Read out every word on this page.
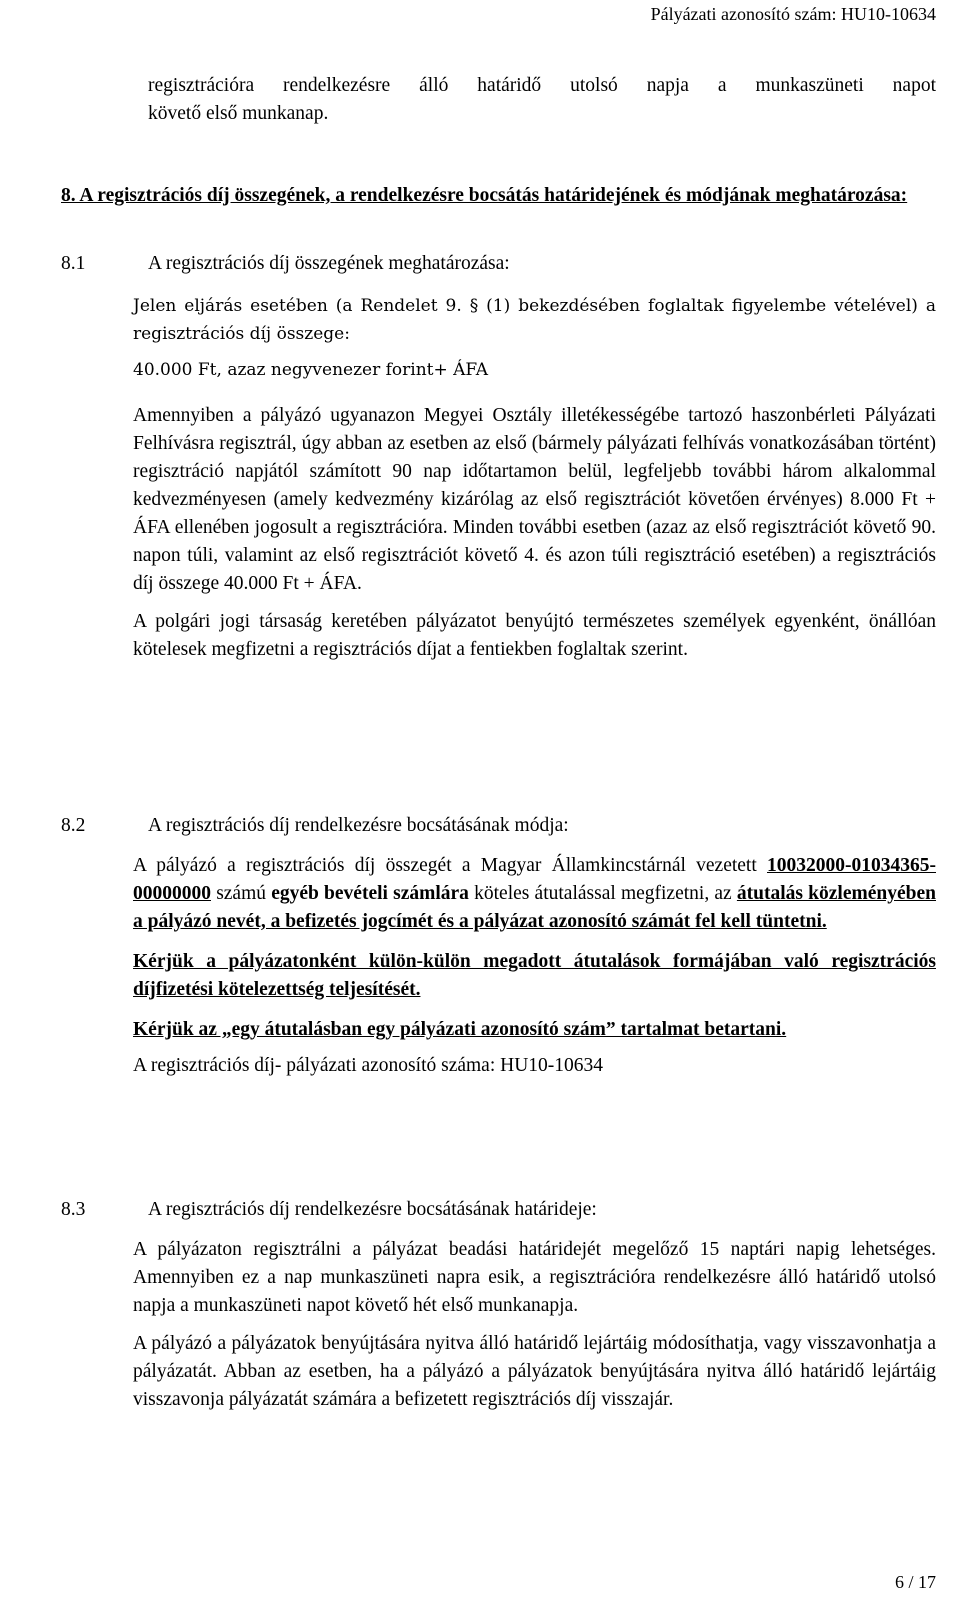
Pályázati azonosító szám: HU10-10634

regisztrációra rendelkezésre álló határidő utolsó napja a munkaszüneti napot

követő első munkanap.

8. A regisztrációs díj összegének, a rendelkezésre bocsátás határidejének és módjának meghatározása:
8.1	A regisztrációs díj összegének meghatározása:

Jelen eljárás esetében (a Rendelet 9. § (1) bekezdésében foglaltak figyelembe vételével) a regisztrációs díj összege:

40.000 Ft, azaz negyvenezer forint+ ÁFA

Amennyiben a pályázó ugyanazon Megyei Osztály illetékességébe tartozó haszonbérleti Pályázati Felhívásra regisztrál, úgy abban az esetben az első (bármely pályázati felhívás vonatkozásában történt) regisztráció napjától számított 90 nap időtartamon belül, legfeljebb további három alkalommal kedvezményesen (amely kedvezmény kizárólag az első regisztrációt követően érvényes) 8.000 Ft + ÁFA ellenében jogosult a regisztrációra. Minden további esetben (azaz az első regisztrációt követő 90. napon túli, valamint az első regisztrációt követő 4. és azon túli regisztráció esetében) a regisztrációs díj összege 40.000 Ft + ÁFA.

A polgári jogi társaság keretében pályázatot benyújtó természetes személyek egyenként, önállóan kötelesek megfizetni a regisztrációs díjat a fentiekben foglaltak szerint.

8.2	A regisztrációs díj rendelkezésre bocsátásának módja:

A pályázó a regisztrációs díj összegét a Magyar Államkincstárnál vezetett 10032000-01034365-00000000 számú egyéb bevételi számlára köteles átutalással megfizetni, az átutalás közleményében a pályázó nevét, a befizetés jogcímét és a pályázat azonosító számát fel kell tüntetni.

Kérjük a pályázatonként külön-külön megadott átutalások formájában való regisztrációs díjfizetési kötelezettség teljesítését.

Kérjük az „egy átutalásban egy pályázati azonosító szám” tartalmat betartani.

A regisztrációs díj- pályázati azonosító száma: HU10-10634

8.3	A regisztrációs díj rendelkezésre bocsátásának határideje:

A pályázaton regisztrálni a pályázat beadási határidejét megelőző 15 naptári napig lehetséges. Amennyiben ez a nap munkaszüneti napra esik, a regisztrációra rendelkezésre álló határidő utolsó napja a munkaszüneti napot követő hét első munkanapja.

A pályázó a pályázatok benyújtására nyitva álló határidő lejártáig módosíthatja, vagy visszavonhatja a pályázatát. Abban az esetben, ha a pályázó a pályázatok benyújtására nyitva álló határidő lejártáig visszavonja pályázatát számára a befizetett regisztrációs díj visszajár.

6 / 17
